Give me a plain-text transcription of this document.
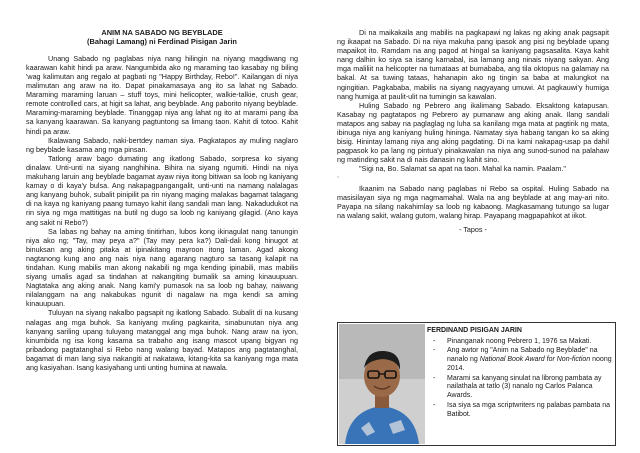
ANIM NA SABADO NG BEYBLADE
(Bahagi Lamang) ni Ferdinad Pisigan Jarin

Unang Sabado ng paglabas niya nang hilingin na niyang magdiwang ng kaarawan kahit hindi pa araw. Nangumbida ako ng maraming tao kasabay ng biling 'wag kalimutan ang regalo at pagbati ng "Happy Birthday, Rebo!". Kailangan di niya malimutan ang araw na ito. Dapat pinakamasaya ang ito sa lahat ng Sabado. Maraming maraming laruan – stuff toys, mini helicopter, walkie-talkie, crush gear, remote controlled cars, at higit sa lahat, ang beyblade. Ang paborito niyang beyblade. Maraming-maraming beyblade. Tinanggap niya ang lahat ng ito at marami pang iba sa kanyang kaarawan. Sa kanyang pagtuntong sa limang taon. Kahit di totoo. Kahit hindi pa araw.

Ikalawang Sabado, naki-bertdey naman siya. Pagkatapos ay muling naglaro ng beyblade kasama ang mga pinsan.

Tatlong araw bago dumating ang ikatlong Sabado, sorpresa ko siyang dinalaw. Unti-unti na siyang nanghihina. Bihira na siyang ngumiti. Hindi na niya makuhang laruin ang beyblade bagamat ayaw niya itong bitiwan sa loob ng kaniyang kamay o di kaya'y bulsa. Ang nakapagpangangalit, unti-unti na namang nalalagas ang kanyang buhok, subalit pinipilit pa rin niyang maging malakas bagamat talagang di na kaya ng kaniyang paang tumayo kahit ilang sandali man lang. Nakadudukot na rin siya ng mga mattitigas na butil ng dugo sa loob ng kaniyang gilagid. (Ano kaya ang sakit ni Rebo?)

Sa labas ng bahay na aming tinitirhan, lubos kong ikinagulat nang tanungin niya ako ng; "Tay, may peya a?" (Tay may pera ka?) Dali-dali kong hinugot at binuksan ang aking pitaka at ipinakitang mayroon itong laman. Agad akong nagtanong kung ano ang nais niya nang agarang nagturo sa tasang kalapit na tindahan. Kung mabilis man akong nakabili ng mga kending ipinabili, mas mabilis siyang umalis agad sa tindahan at nakangiting bumalik sa aming kinauupuan. Nagtataka ang aking anak. Nang kami'y pumasok na sa loob ng bahay, naiwang nilalanggam na ang nakabukas ngunit di nagalaw na mga kendi sa aming kinauupuan.

Tuluyan na siyang nakalbo pagsapit ng ikatlong Sabado. Subalit di na kusang nalagas ang mga buhok. Sa kaniyang muling pagkairita, sinabunutan niya ang kanyang sariling upang tuluyang matanggal ang mga buhok. Nang araw na iyon, kinumbida ng isa kong kasama sa trabaho ang isang mascot upang bigyan ng pribadong pagtatanghal si Rebo nang walang bayad. Matapos ang pagtatanghal, bagamat di man lang siya nakangiti at nakatawa, kitang-kita sa kaniyang mga mata ang kasiyahan. Isang kasiyahang unti unting humina at nawala.

Di na maikakaila ang mabilis na pagkapawi ng lakas ng aking anak pagsapit ng ikaapat na Sabado. Di na niya makuha pang ipasok ang pisi ng beyblade upang mapaikot ito. Ramdam na ang pagod at hingal sa kaniyang pagsasalita. Kaya kahit nang dalhin ko siya sa isang karnabal, isa lamang ang ninais niyang sakyan. Ang mga maliliit na helicopter na tumataas at bumababa, ang tila oktopus na galamay na bakal. At sa tuwing tataas, hahanapin ako ng tingin sa baba at malungkot na ngingitian. Pagkababa, mabilis na siyang nagyayang umuwi. At pagkauwi'y humiga nang humiga at paulit-ulit na tumingin sa kawalan.

Huling Sabado ng Pebrero ang ikalimang Sabado. Eksaktong katapusan. Kasabay ng pagtatapos ng Pebrero ay pumanaw ang aking anak. Ilang sandali matapos ang sabay na paglaglag ng luha sa kanilang mga mata at pagtirik ng mata, ibinuga niya ang kaniyang huling hininga. Namatay siya habang tangan ko sa aking bisig. Hinintay lamang niya ang aking pagdating. Di na kami nakapag-usap pa dahil pagpasok ko pa lang ng pintua'y pinakawalan na niya ang sunod-sunod na palahaw ng matinding sakit na di nais danasin ng kahit sino.

"Sigi na, Bo. Salamat sa apat na taon. Mahal ka namin. Paalam."

`

Ikaanim na Sabado nang paglabas ni Rebo sa ospital. Huling Sabado na masisilayan siya ng mga nagmamahal. Wala na ang beyblade at ang may-ari nito. Payapa na silang nakahimlay sa loob ng kabaong. Magkasamang tutungo sa lugar na walang sakit, walang gutom, walang hirap. Payapang magpapahkot at iikot.

- Tapos -
FERDINAND PISIGAN JARIN
- Pinanganak noong Pebrero 1, 1976 sa Makati.
- Ang awtor ng "Anim na Sabado ng Beyblade" na nanalo ng National Book Award for Non-fiction noong 2014.
- Marami sa kanyang sinulat na librong pambata ay nailathala at tatlo (3) nanalo ng Carlos Palanca Awards.
- Isa siya sa mga scriptwriters ng palabas pambata na Batibot.
